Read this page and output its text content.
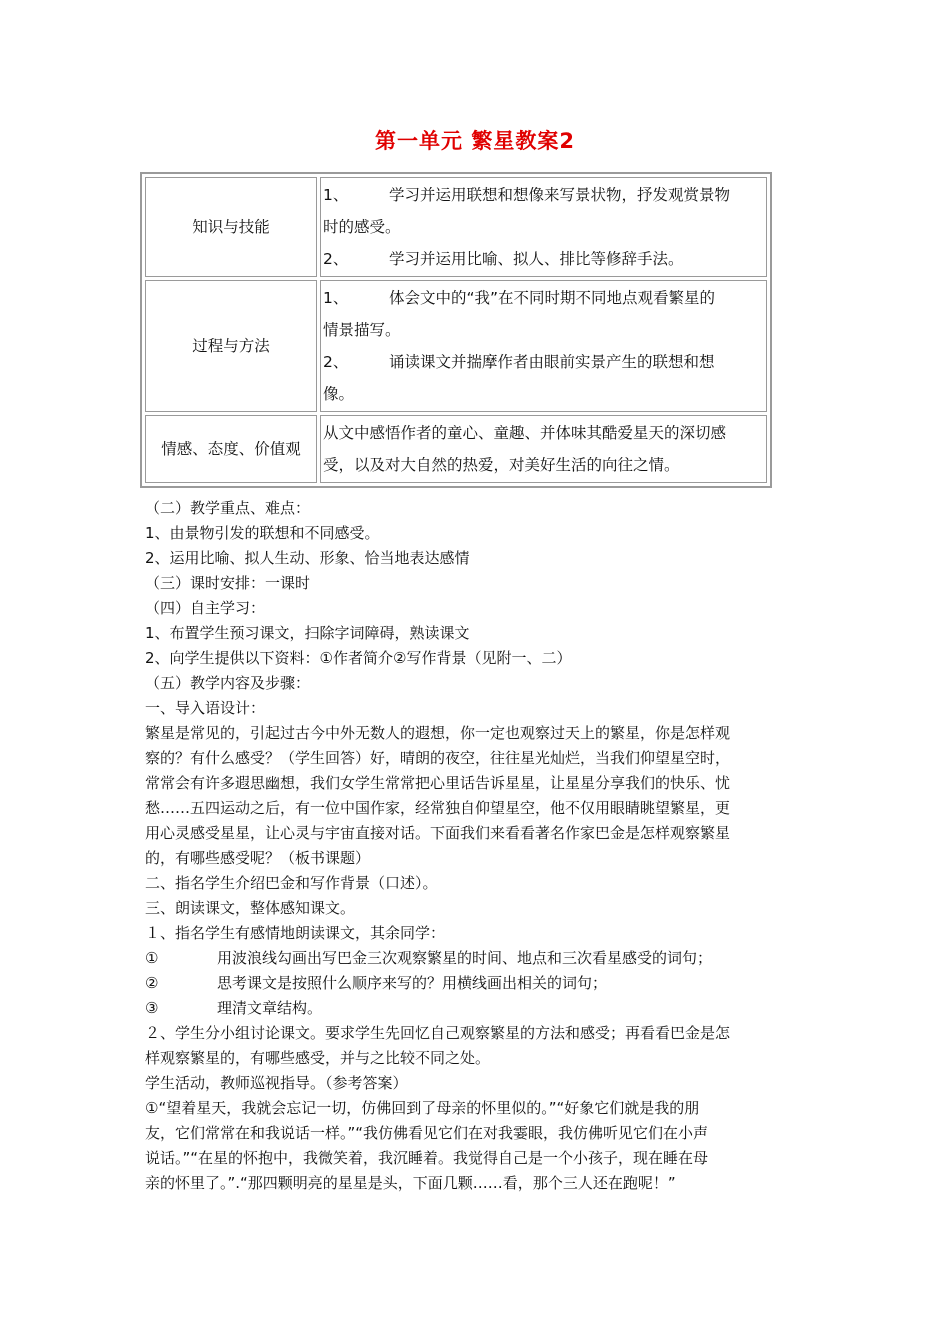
第一单元 繁星教案2
知识与技能	1、 学习并运用联想和想像来写景状物，抒发观赏景物
时的感受。
2、 学习并运用比喻、拟人、排比等修辞手法。

过程与方法	1、 体会文中的“我”在不同时期不同地点观看繁星的
情景描写。
2、 诵读课文并揣摩作者由眼前实景产生的联想和想
像。

情感、态度、价值观	从文中感悟作者的童心、童趣、并体味其酷爱星天的深切感
受，以及对大自然的热爱，对美好生活的向往之情。

（二）教学重点、难点：

1、由景物引发的联想和不同感受。

2、运用比喻、拟人生动、形象、恰当地表达感情

（三）课时安排：一课时

（四）自主学习：

1、布置学生预习课文，扫除字词障碍，熟读课文

2、向学生提供以下资料：①作者简介②写作背景（见附一、二）

（五）教学内容及步骤：

一、导入语设计：

繁星是常见的，引起过古今中外无数人的遐想，你一定也观察过天上的繁星，你是怎样观

察的？有什么感受？（学生回答）好，晴朗的夜空，往往星光灿烂，当我们仰望星空时，

常常会有许多遐思幽想，我们女学生常常把心里话告诉星星，让星星分享我们的快乐、忧

愁……五四运动之后，有一位中国作家，经常独自仰望星空，他不仅用眼睛眺望繁星，更

用心灵感受星星，让心灵与宇宙直接对话。下面我们来看看著名作家巴金是怎样观察繁星

的，有哪些感受呢？（板书课题）

二、指名学生介绍巴金和写作背景（口述）。

三、朗读课文，整体感知课文。

１、指名学生有感情地朗读课文，其余同学：

①	用波浪线勾画出写巴金三次观察繁星的时间、地点和三次看星感受的词句；

②	思考课文是按照什么顺序来写的？用横线画出相关的词句；

③	理清文章结构。

２、学生分小组讨论课文。要求学生先回忆自己观察繁星的方法和感受；再看看巴金是怎

样观察繁星的，有哪些感受，并与之比较不同之处。

学生活动，教师巡视指导。（参考答案）

①“望着星天，我就会忘记一切，仿佛回到了母亲的怀里似的。”“好象它们就是我的朋

友，它们常常在和我说话一样。”“我仿佛看见它们在对我霎眼，我仿佛听见它们在小声

说话。”“在星的怀抱中，我微笑着，我沉睡着。我觉得自己是一个小孩子，现在睡在母

亲的怀里了。”.“那四颗明亮的星星是头，下面几颗……看，那个三人还在跑呢！”
